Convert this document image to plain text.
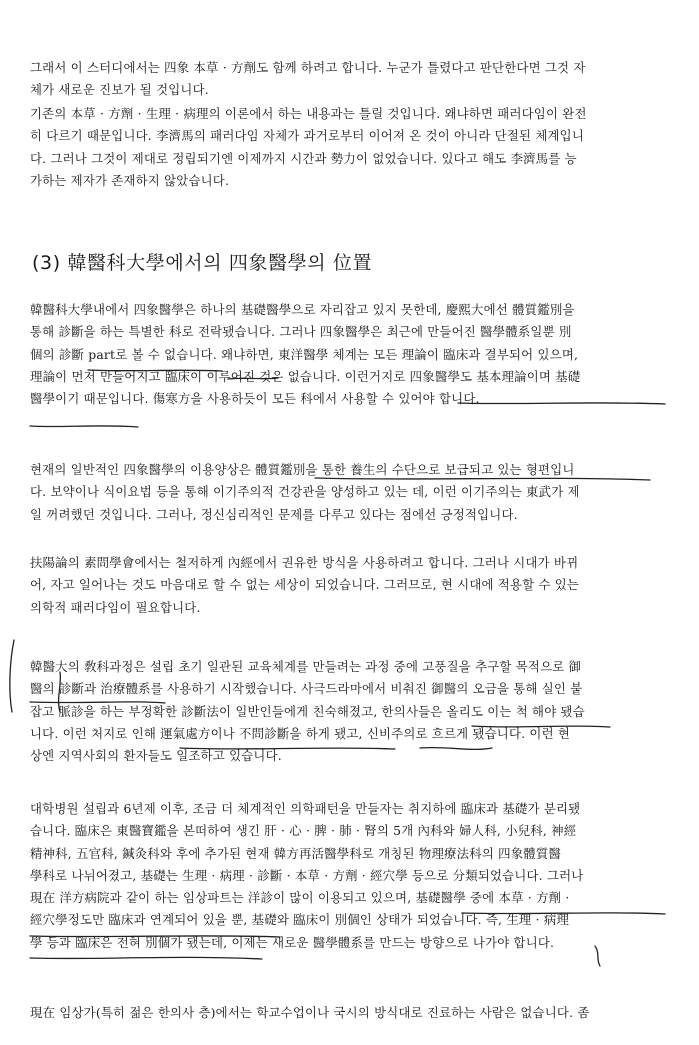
그래서 이 스터디에서는 四象 本草 · 方劑도 함께 하려고 합니다. 누군가 틀렸다고 판단한다면 그것 자
체가 새로운 진보가 될 것입니다.
기존의 本草 · 方劑 · 生理 · 病理의 이론에서 하는 내용과는 틀릴 것입니다. 왜냐하면 패러다임이 완전
히 다르기 때문입니다. 李濟馬의 패러다임 자체가 과거로부터 이어져 온 것이 아니라 단절된 체계입니
다. 그러나 그것이 제대로 정립되기엔 이제까지 시간과 勢力이 없었습니다. 있다고 해도 李濟馬를 능
가하는 제자가 존재하지 않았습니다.
(3) 韓醫科大學에서의 四象醫學의 位置
韓醫科大學내에서 四象醫學은 하나의 基礎醫學으로 자리잡고 있지 못한데, 慶熙大에선 體質鑑別을
통해 診斷을 하는 특별한 科로 전락됐습니다. 그러나 四象醫學은 최근에 만들어진 醫學體系일뿐 別
個의 診斷 part로 볼 수 없습니다. 왜냐하면, 東洋醫學 체계는 모든 理論이 臨床과 결부되어 있으며,
理論이 먼저 만들어지고 臨床이 이루어진 것은 없습니다. 이런거지로 四象醫學도 基本理論이며 基礎
醫學이기 때문입니다. 傷寒方을 사용하듯이 모든 科에서 사용할 수 있어야 합니다.
현재의 일반적인 四象醫學의 이용양상은 體質鑑別을 통한 養生의 수단으로 보급되고 있는 형편입니
다. 보약이나 식이요법 등을 통해 이기주의적 건강관을 양성하고 있는 데, 이런 이기주의는 東武가 제
일 꺼려했던 것입니다. 그러나, 정신심리적인 문제를 다루고 있다는 점에선 긍정적입니다.
扶陽論의 素問學會에서는 철저하게 內經에서 권유한 방식을 사용하려고 합니다. 그러나 시대가 바뀌
어, 자고 일어나는 것도 마음대로 할 수 없는 세상이 되었습니다. 그러므로, 현 시대에 적용할 수 있는
의학적 패러다임이 필요합니다.
韓醫大의 敎科과정은 설립 초기 일관된 교육체계를 만들려는 과정 중에 고풍질을 추구할 목적으로 御
醫의 診斷과 治療體系를 사용하기 시작했습니다. 사극드라마에서 비춰진 御醫의 오금을 통해 실인 붙
잡고 脈診을 하는 부정확한 診斷法이 일반인들에게 친숙해졌고, 한의사들은 올리도 이는 척 해야 됐습
니다. 이런 처지로 인해 運氣處方이나 不問診斷을 하게 됐고, 신비주의로 흐르게 됐습니다. 이런 현
상엔 지역사회의 환자들도 일조하고 있습니다.
대학병원 설립과 6년제 이후, 조금 더 체계적인 의학패턴을 만들자는 취지하에 臨床과 基礎가 분리됐
습니다. 臨床은 東醫寶鑑을 본떠하여 생긴 肝 · 心 · 脾 · 肺 · 腎의 5개 內科와 婦人科, 小兒科, 神經
精神科, 五官科, 鍼灸科와 후에 추가된 현재 韓方再活醫學科로 개칭된 物理療法科의 四象體質醫
學科로 나뉘어졌고, 基礎는 生理 · 病理 · 診斷 · 本草 · 方劑 · 經穴學 등으로 分類되었습니다. 그러나
現在 洋方病院과 같이 하는 임상파트는 洋診이 많이 이용되고 있으며, 基礎醫學 중에 本草 · 方劑 ·
經穴學정도만 臨床과 연계되어 있을 뿐, 基礎와 臨床이 別個인 상태가 되었습니다. 즉, 生理 · 病理
學 등과 臨床은 전혀 別個가 됐는데, 이제는 새로운 醫學體系를 만드는 방향으로 나가야 합니다.
現在 임상가(특히 젊은 한의사 층)에서는 학교수업이나 국시의 방식대로 진료하는 사람은 없습니다. 좀
